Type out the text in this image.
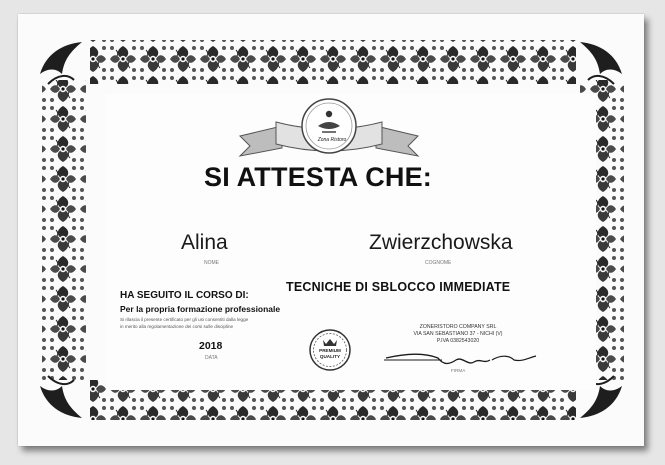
Zona Ristoro
SI ATTESTA CHE:
Alina	Zwierzchowska
NOME	COGNOME
HA SEGUITO IL CORSO DI:
TECNICHE DI SBLOCCO IMMEDIATE
Per la propria formazione professionale
Si rilascia il presente certificato per gli usi consentiti dalla legge
in merito alla regolamentazione dei corsi sulle discipline
2018
DATA
PREMIUM
QUALITY
ZONERISTORO COMPANY SRL
VIA SAN SEBASTIANO 37 - NICHI (V)
P.IVA 0382543020
FIRMA
